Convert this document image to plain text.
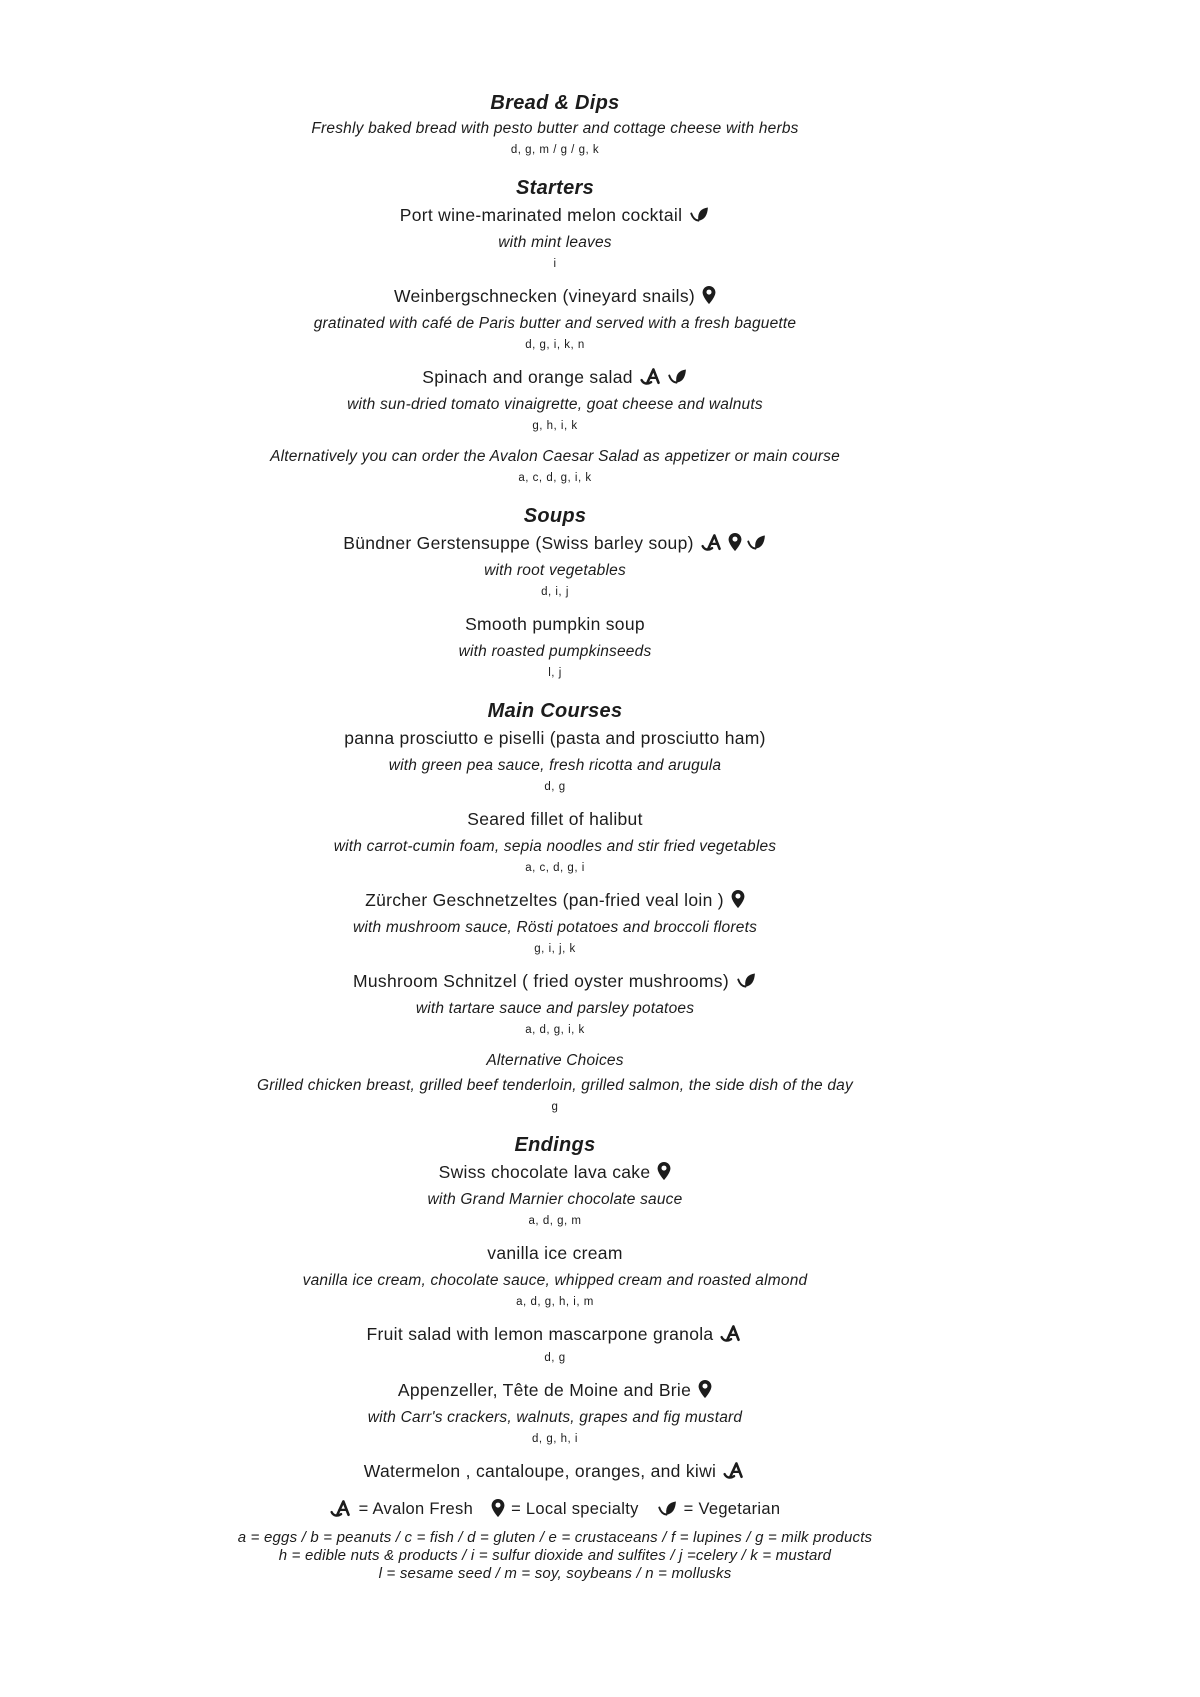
Bread & Dips
Freshly baked bread with pesto butter and cottage cheese with herbs
d, g, m / g / g, k
Starters
Port wine-marinated melon cocktail
with mint leaves
i
Weinbergschnecken (vineyard snails)
gratinated with café de Paris butter and served with a fresh baguette
d, g, i, k, n
Spinach and orange salad
with sun-dried tomato vinaigrette, goat cheese and walnuts
g, h, i, k
Alternatively you can order the Avalon Caesar Salad as appetizer or main course
a, c, d, g, i, k
Soups
Bündner Gerstensuppe (Swiss barley soup)
with root vegetables
d, i, j
Smooth pumpkin soup
with roasted pumpkinseeds
l, j
Main Courses
panna prosciutto e piselli (pasta and prosciutto ham)
with green pea sauce, fresh ricotta and arugula
d, g
Seared fillet of halibut
with carrot-cumin foam, sepia noodles and stir fried vegetables
a, c, d, g, i
Zürcher Geschnetzeltes (pan-fried veal loin )
with mushroom sauce, Rösti potatoes and broccoli florets
g, i, j, k
Mushroom Schnitzel ( fried oyster mushrooms)
with tartare sauce and parsley potatoes
a, d, g, i, k
Alternative Choices
Grilled chicken breast, grilled beef tenderloin, grilled salmon, the side dish of the day
g
Endings
Swiss chocolate lava cake
with Grand Marnier chocolate sauce
a, d, g, m
vanilla ice cream
vanilla ice cream, chocolate sauce, whipped cream and roasted almond
a, d, g, h, i, m
Fruit salad with lemon mascarpone granola
d, g
Appenzeller, Tête de Moine and Brie
with Carr's crackers, walnuts, grapes and fig mustard
d, g, h, i
Watermelon , cantaloupe, oranges, and kiwi
= Avalon Fresh = Local specialty	= Vegetarian
a = eggs / b = peanuts / c = fish / d = gluten / e = crustaceans / f = lupines / g = milk products
h = edible nuts & products / i = sulfur dioxide and sulfites / j =celery / k = mustard
l = sesame seed / m = soy, soybeans / n = mollusks
